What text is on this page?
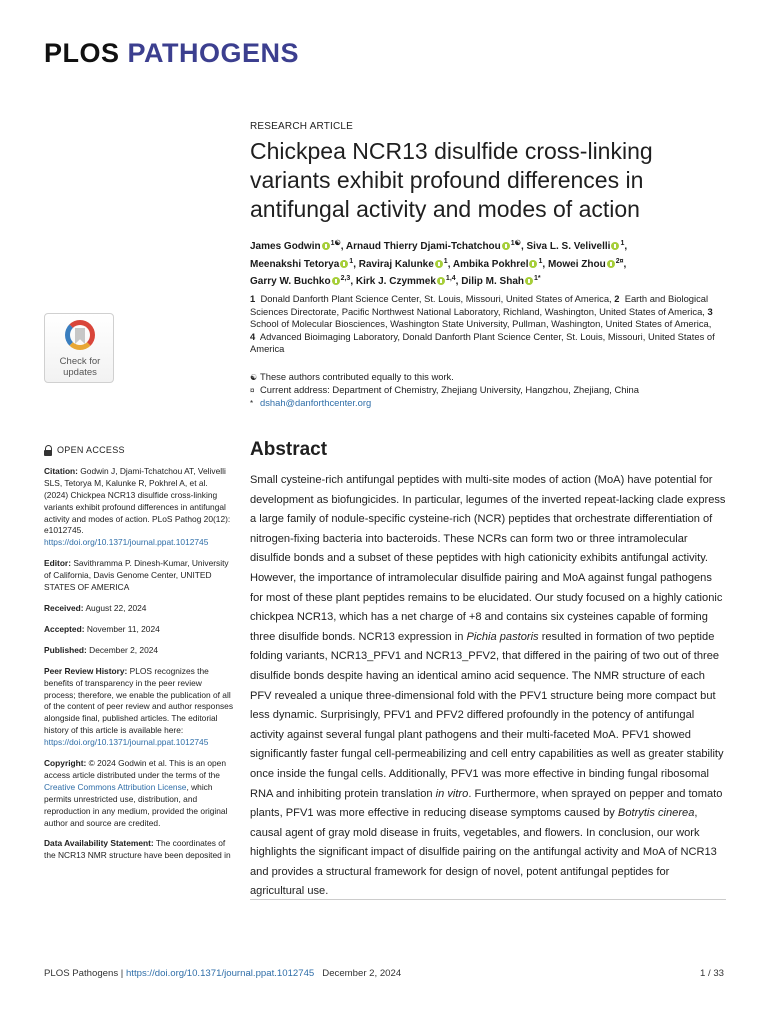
PLOS PATHOGENS
RESEARCH ARTICLE
Chickpea NCR13 disulfide cross-linking variants exhibit profound differences in antifungal activity and modes of action
James Godwin $^{1☯}$, Arnaud Thierry Djami-Tchatchou $^{1☯}$, Siva L. S. Velivelli $^1$,
Meenakshi Tetorya $^1$, Raviraj Kalunke $^1$, Ambika Pokhrel $^1$, Mowei Zhou $^{2¤}$,
Garry W. Buchko $^{2,3}$, Kirk J. Czymmek $^{1,4}$, Dilip M. Shah $^{1*}$
1 Donald Danforth Plant Science Center, St. Louis, Missouri, United States of America, 2 Earth and Biological Sciences Directorate, Pacific Northwest National Laboratory, Richland, Washington, United States of America, 3  School of Molecular Biosciences, Washington State University, Pullman, Washington, United States of America, 4 Advanced Bioimaging Laboratory, Donald Danforth Plant Science Center, St. Louis, Missouri, United States of America
☯ These authors contributed equally to this work.
¤ Current address: Department of Chemistry, Zhejiang University, Hangzhou, Zhejiang, China
* dshah@danforthcenter.org
Check for
updates
OPEN ACCESS
Citation: Godwin J, Djami-Tchatchou AT, Velivelli SLS, Tetorya M, Kalunke R, Pokhrel A, et al. (2024) Chickpea NCR13 disulfide cross-linking variants exhibit profound differences in antifungal activity and modes of action. PLoS Pathog 20(12): e1012745. https://doi.org/10.1371/journal.ppat.1012745
Editor: Savithramma P. Dinesh-Kumar, University of California, Davis Genome Center, UNITED STATES OF AMERICA
Received: August 22, 2024
Accepted: November 11, 2024
Published: December 2, 2024
Peer Review History: PLOS recognizes the benefits of transparency in the peer review process; therefore, we enable the publication of all of the content of peer review and author responses alongside final, published articles. The editorial history of this article is available here: https://doi.org/10.1371/journal.ppat.1012745
Copyright: © 2024 Godwin et al. This is an open access article distributed under the terms of the Creative Commons Attribution License, which permits unrestricted use, distribution, and reproduction in any medium, provided the original author and source are credited.
Data Availability Statement: The coordinates of the NCR13 NMR structure have been deposited in
Abstract

Small cysteine-rich antifungal peptides with multi-site modes of action (MoA) have potential for development as biofungicides. In particular, legumes of the inverted repeat-lacking clade express a large family of nodule-specific cysteine-rich (NCR) peptides that orchestrate differentiation of nitrogen-fixing bacteria into bacteroids. These NCRs can form two or three intramolecular disulfide bonds and a subset of these peptides with high cationicity exhibits antifungal activity. However, the importance of intramolecular disulfide pairing and MoA against fungal pathogens for most of these plant peptides remains to be elucidated. Our study focused on a highly cationic chickpea NCR13, which has a net charge of +8 and contains six cysteines capable of forming three disulfide bonds. NCR13 expression in Pichia pastoris resulted in formation of two peptide folding variants, NCR13_PFV1 and NCR13_PFV2, that differed in the pairing of two out of three disulfide bonds despite having an identical amino acid sequence. The NMR structure of each PFV revealed a unique three-dimensional fold with the PFV1 structure being more compact but less dynamic. Surprisingly, PFV1 and PFV2 differed profoundly in the potency of antifungal activity against several fungal plant pathogens and their multi-faceted MoA. PFV1 showed significantly faster fungal cell-permeabilizing and cell entry capabilities as well as greater stability once inside the fungal cells. Additionally, PFV1 was more effective in binding fungal ribosomal RNA and inhibiting protein translation in vitro. Furthermore, when sprayed on pepper and tomato plants, PFV1 was more effective in reducing disease symptoms caused by Botrytis cinerea, causal agent of gray mold disease in fruits, vegetables, and flowers. In conclusion, our work highlights the significant impact of disulfide pairing on the antifungal activity and MoA of NCR13 and provides a structural framework for design of novel, potent antifungal peptides for agricultural use.

PLOS Pathogens | https://doi.org/10.1371/journal.ppat.1012745 December 2, 2024	1 / 33
